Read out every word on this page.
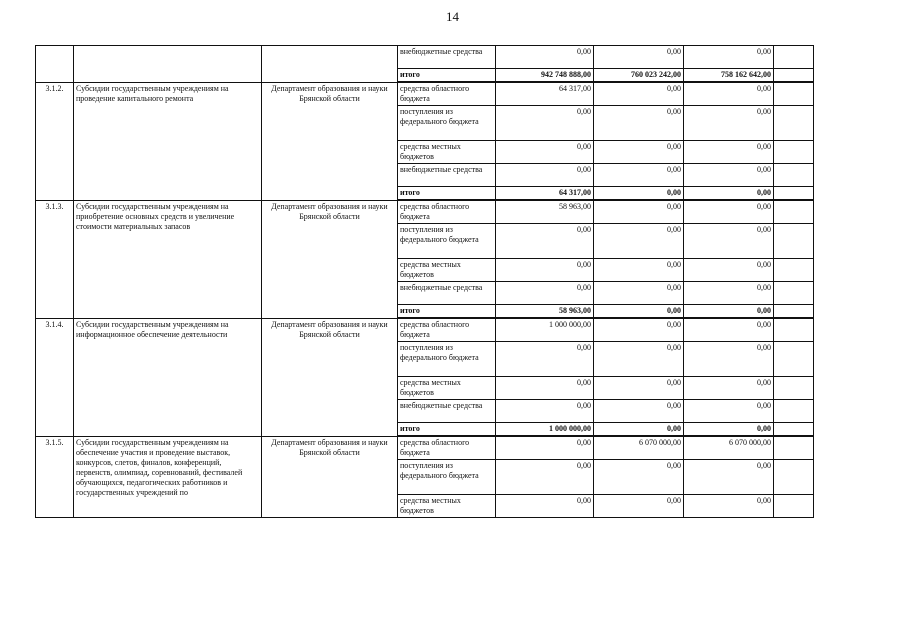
14
			внебюджетные средства	0,00	0,00	0,00	
			итого	942 748 888,00	760 023 242,00	758 162 642,00	
3.1.2.	Субсидии государственным учреждениям на проведение капитального ремонта	Департамент образования и науки Брянской области	средства областного бюджета	64 317,00	0,00	0,00	
			поступления из федерального бюджета	0,00	0,00	0,00	
			средства местных бюджетов	0,00	0,00	0,00	
			внебюджетные средства	0,00	0,00	0,00	
			итого	64 317,00	0,00	0,00	
3.1.3.	Субсидии государственным учреждениям на приобретение основных средств и увеличение стоимости материальных запасов	Департамент образования и науки Брянской области	средства областного бюджета	58 963,00	0,00	0,00	
			поступления из федерального бюджета	0,00	0,00	0,00	
			средства местных бюджетов	0,00	0,00	0,00	
			внебюджетные средства	0,00	0,00	0,00	
			итого	58 963,00	0,00	0,00	
3.1.4.	Субсидии государственным учреждениям на информационное обеспечение деятельности	Департамент образования и науки Брянской области	средства областного бюджета	1 000 000,00	0,00	0,00	
			поступления из федерального бюджета	0,00	0,00	0,00	
			средства местных бюджетов	0,00	0,00	0,00	
			внебюджетные средства	0,00	0,00	0,00	
			итого	1 000 000,00	0,00	0,00	
3.1.5.	Субсидии государственным учреждениям на обеспечение участия и проведение выставок, конкурсов, слетов, финалов, конференций, первенств, олимпиад, соревнований, фестивалей обучающихся, педагогических работников и государственных учреждений по	Департамент образования и науки Брянской области	средства областного бюджета	0,00	6 070 000,00	6 070 000,00	
			поступления из федерального бюджета	0,00	0,00	0,00	
			средства местных бюджетов	0,00	0,00	0,00	
